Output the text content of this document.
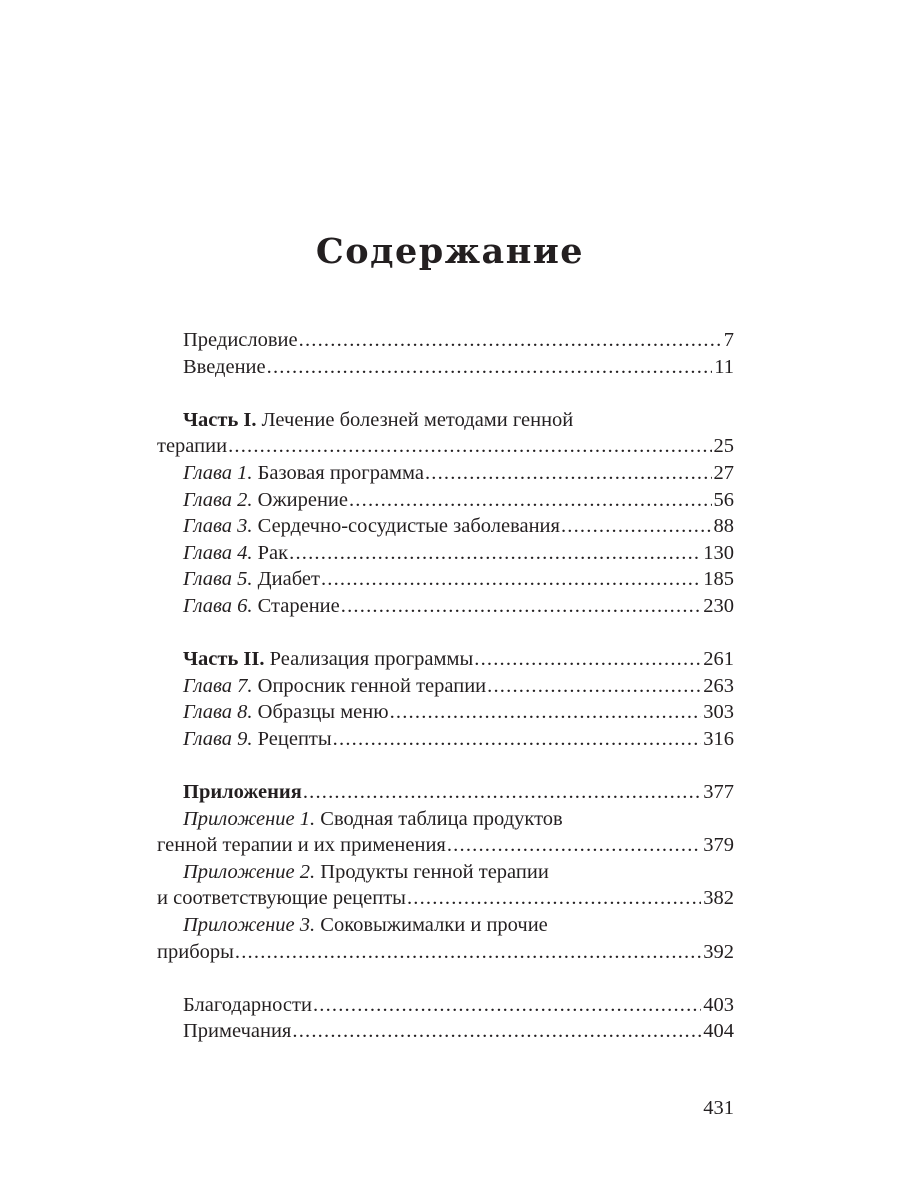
Содержание
Предисловие .....	7
Введение .....	11
Часть I. Лечение болезней методами генной
терапии .....	25
Глава 1. Базовая программа .....	27
Глава 2. Ожирение .....	56
Глава 3. Сердечно-сосудистые заболевания .....	88
Глава 4. Рак .....	130
Глава 5. Диабет .....	185
Глава 6. Старение .....	230
Часть II. Реализация программы .....	261
Глава 7. Опросник генной терапии .....	263
Глава 8. Образцы меню .....	303
Глава 9. Рецепты .....	316
Приложения .....	377
Приложение 1. Сводная таблица продуктов
генной терапии и их применения .....	379
Приложение 2. Продукты генной терапии
и соответствующие рецепты .....	382
Приложение 3. Соковыжималки и прочие
приборы .....	392
Благодарности .....	403
Примечания .....	404
431
